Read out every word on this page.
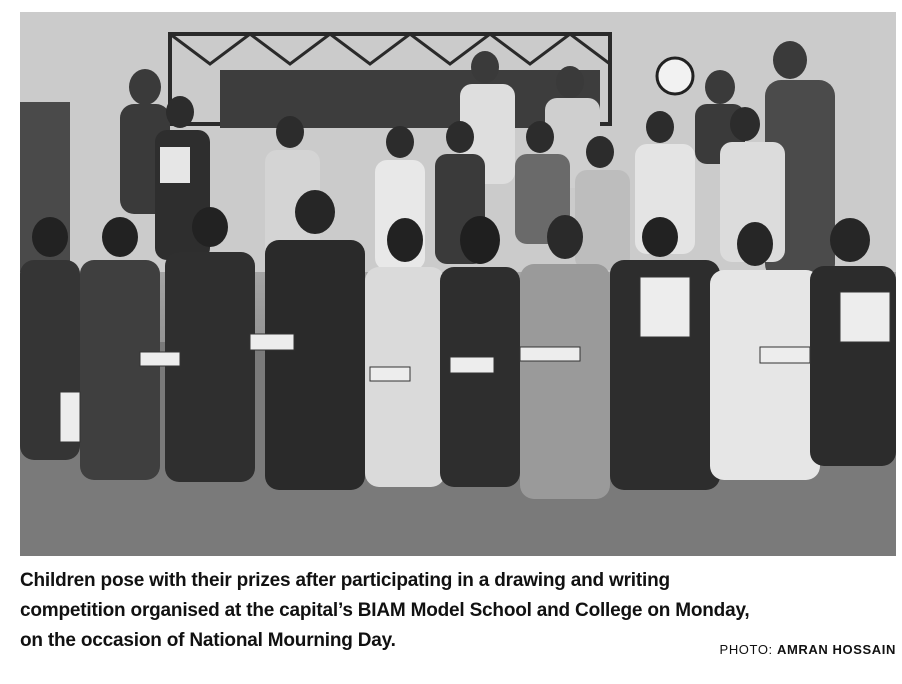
Children pose with their prizes after participating in a drawing and writing
competition organised at the capital’s BIAM Model School and College on Monday,
on the occasion of National Mourning Day.	PHOTO: AMRAN HOSSAIN
